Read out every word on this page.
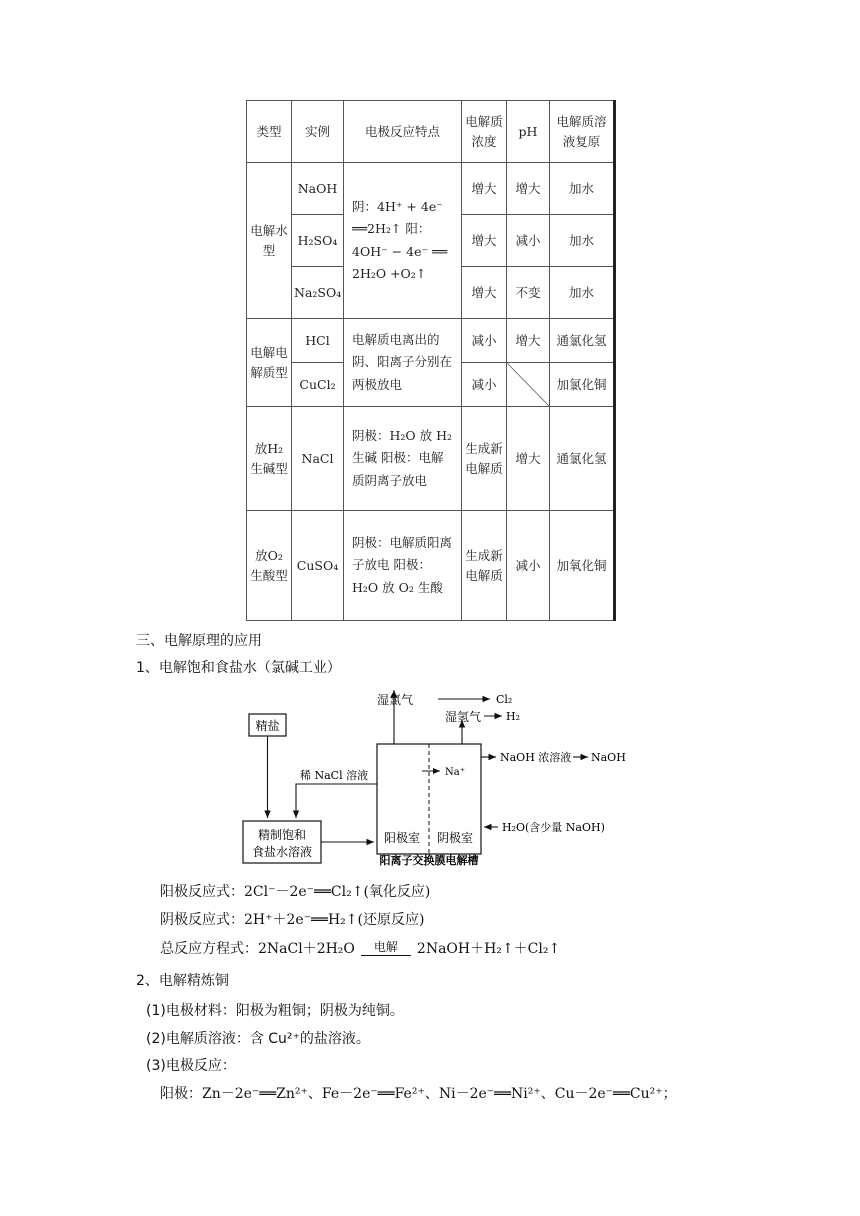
类型	实例	电极反应特点	电解质浓度	pH	电解质溶液复原
电解水型	NaOH	阴：4H⁺ + 4e⁻ ══2H₂↑ 阳： 4OH⁻ − 4e⁻ ══ 2H₂O +O₂↑	增大	增大	加水
	H₂SO₄		增大	减小	加水
	Na₂SO₄		增大	不变	加水
电解电解质型	HCl	电解质电离出的阴、阳离子分别在两极放电	减小	增大	通氯化氢
	CuCl₂		减小		加氯化铜
放H₂生碱型	NaCl	阴极：H₂O 放 H₂ 生碱 阳极：电解质阴离子放电	生成新电解质	增大	通氯化氢
放O₂生酸型	CuSO₄	阴极：电解质阳离子放电 阳极：H₂O 放 O₂ 生酸	生成新电解质	减小	加氧化铜
三、电解原理的应用
1、电解饱和食盐水（氯碱工业）
精盐
精制饱和
食盐水溶液
稀 NaCl 溶液
阳极室 阴极室
阳离子交换膜电解槽
Na⁺
湿氯气	Cl₂
湿氢气 H₂
NaOH 浓溶液 NaOH
H₂O(含少量 NaOH)
阳极反应式：2Cl⁻－2e⁻══Cl₂↑(氧化反应)
阴极反应式：2H⁺＋2e⁻══H₂↑(还原反应)
总反应方程式：2NaCl＋2H₂O	电解	2NaOH＋H₂↑＋Cl₂↑
2、电解精炼铜
(1)电极材料：阳极为粗铜；阴极为纯铜。
(2)电解质溶液：含 Cu²⁺的盐溶液。
(3)电极反应：
阳极：Zn－2e⁻══Zn²⁺、Fe－2e⁻══Fe²⁺、Ni－2e⁻══Ni²⁺、Cu－2e⁻══Cu²⁺；
